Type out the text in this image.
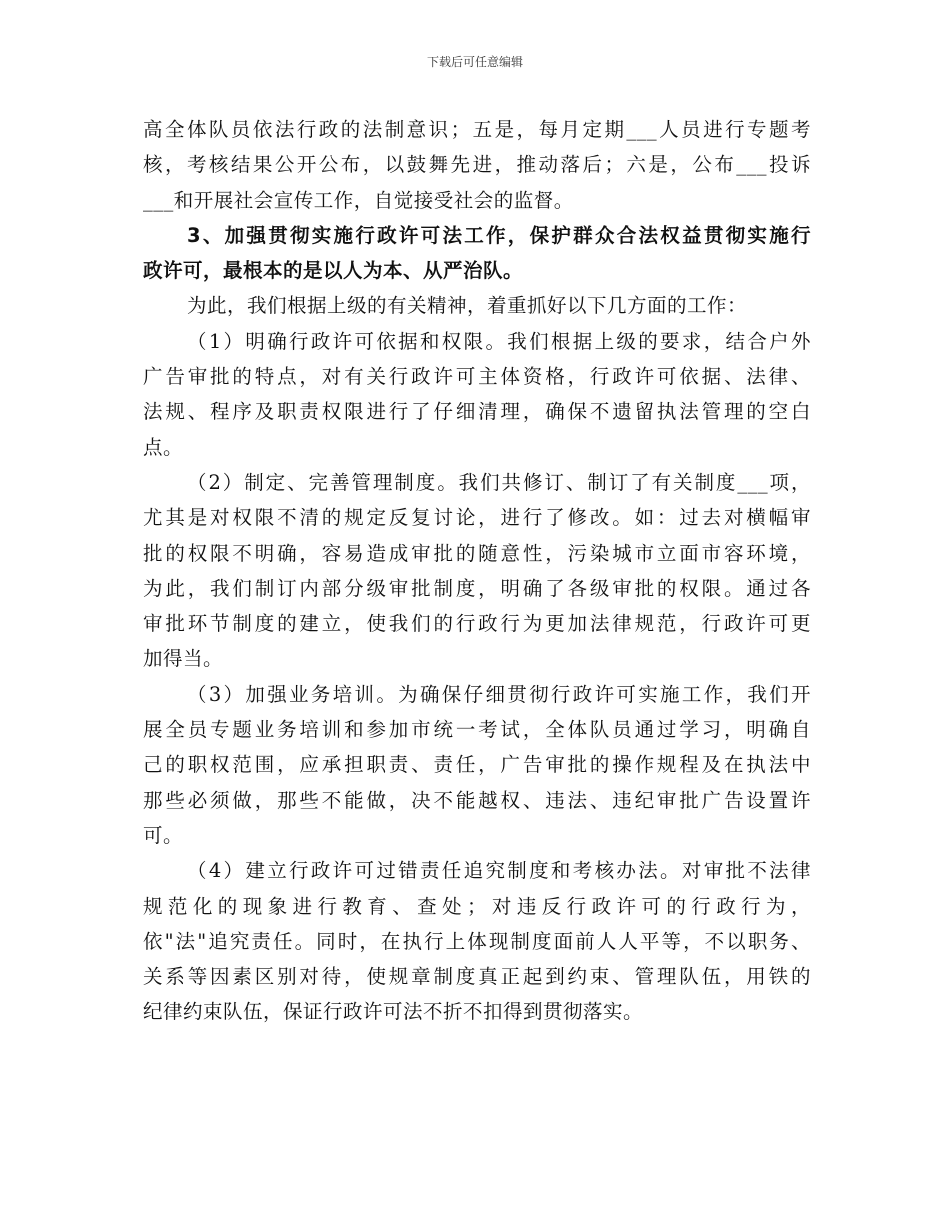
下载后可任意编辑
高全体队员依法行政的法制意识；五是，每月定期___人员进行专题考
核，考核结果公开公布，以鼓舞先进，推动落后；六是，公布___投诉
___和开展社会宣传工作，自觉接受社会的监督。
3、加强贯彻实施行政许可法工作，保护群众合法权益贯彻实施行
政许可，最根本的是以人为本、从严治队。
为此，我们根据上级的有关精神，着重抓好以下几方面的工作：
（1）明确行政许可依据和权限。我们根据上级的要求，结合户外
广告审批的特点，对有关行政许可主体资格，行政许可依据、法律、
法规、程序及职责权限进行了仔细清理，确保不遗留执法管理的空白
点。
（2）制定、完善管理制度。我们共修订、制订了有关制度___项，
尤其是对权限不清的规定反复讨论，进行了修改。如：过去对横幅审
批的权限不明确，容易造成审批的随意性，污染城市立面市容环境，
为此，我们制订内部分级审批制度，明确了各级审批的权限。通过各
审批环节制度的建立，使我们的行政行为更加法律规范，行政许可更
加得当。
（3）加强业务培训。为确保仔细贯彻行政许可实施工作，我们开
展全员专题业务培训和参加市统一考试，全体队员通过学习，明确自
己的职权范围，应承担职责、责任，广告审批的操作规程及在执法中
那些必须做，那些不能做，决不能越权、违法、违纪审批广告设置许
可。
（4）建立行政许可过错责任追究制度和考核办法。对审批不法律
规范化的现象进行教育、查处；对违反行政许可的行政行为，
依"法"追究责任。同时，在执行上体现制度面前人人平等，不以职务、
关系等因素区别对待，使规章制度真正起到约束、管理队伍，用铁的
纪律约束队伍，保证行政许可法不折不扣得到贯彻落实。
